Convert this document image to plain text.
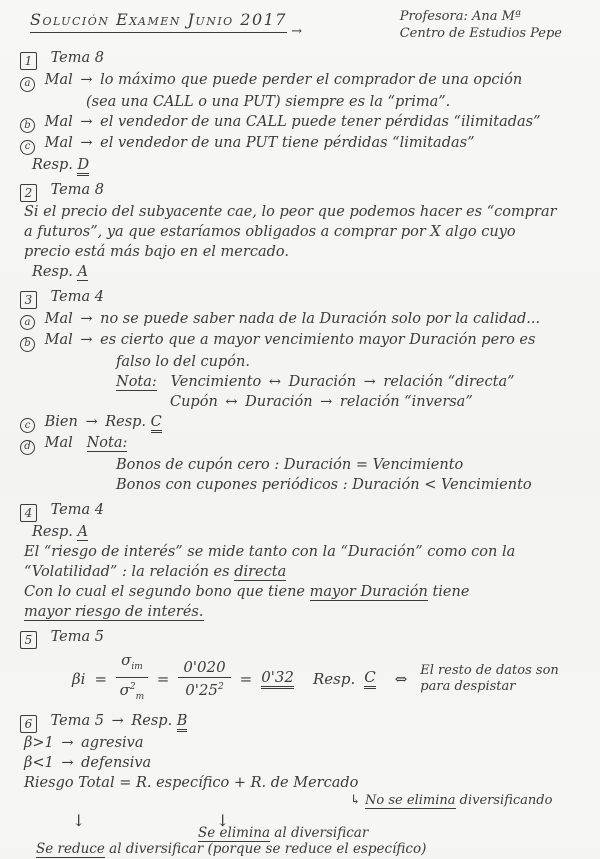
Solución Examen Junio 2017
→
Profesora: Ana Mª
Centro de Estudios Pepe
1 Tema 8
a Mal → lo máximo que puede perder el comprador de una opción
(sea una CALL o una PUT) siempre es la “prima”.
b Mal → el vendedor de una CALL puede tener pérdidas “ilimitadas”
c Mal → el vendedor de una PUT tiene pérdidas “limitadas”
Resp. D
2 Tema 8
Si el precio del subyacente cae, lo peor que podemos hacer es “comprar
a futuros”, ya que estaríamos obligados a comprar por X algo cuyo
precio está más bajo en el mercado.
Resp. A
3 Tema 4
a Mal → no se puede saber nada de la Duración solo por la calidad...
b Mal → es cierto que a mayor vencimiento mayor Duración pero es
falso lo del cupón.
Nota: Vencimiento ↔ Duración → relación “directa”
Cupón ↔ Duración → relación “inversa”
c Bien → Resp. C
d Mal Nota:
Bonos de cupón cero : Duración = Vencimiento
Bonos con cupones periódicos : Duración < Vencimiento
4 Tema 4
Resp. A
El “riesgo de interés” se mide tanto con la “Duración” como con la
“Volatilidad” : la relación es directa
Con lo cual el segundo bono que tiene mayor Duración tiene
mayor riesgo de interés.
5 Tema 5
$\beta i = \frac{\sigma_{im}}{\sigma^2_m} = \frac{0'020}{0'25^2} = 0'32$ Resp. C ⇔ El resto de datos son
para despistar
6 Tema 5 → Resp. B
β>1 → agresiva
β<1 → defensiva
Riesgo Total = R. específico + R. de Mercado
↳ No se elimina diversificando
↓	↓
Se elimina al diversificar
Se reduce al diversificar (porque se reduce el específico)
